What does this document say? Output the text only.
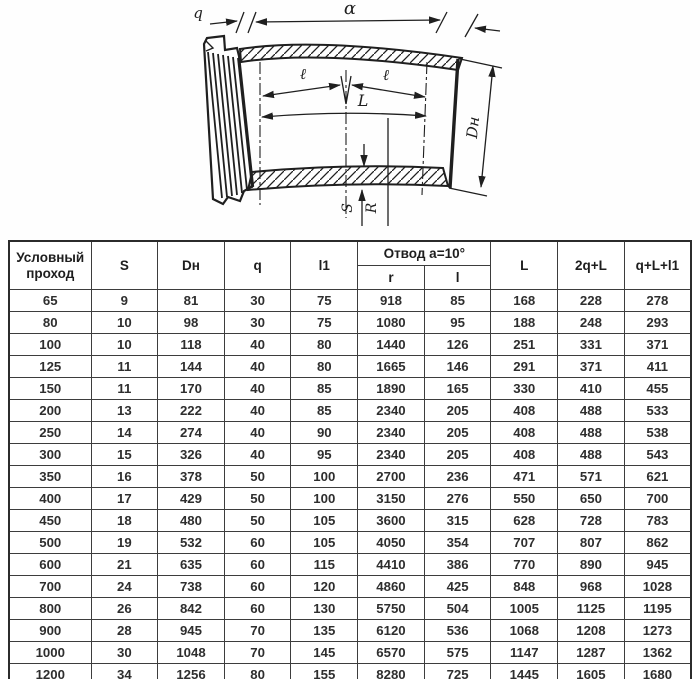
q	α
ℓ	ℓ
L
Dн
S R
Условный проход	S	Dн	q	l1	Отвод a=10°		L	2q+L	q+L+l1
					r	l			
65	9	81	30	75	918	85	168	228	278
80	10	98	30	75	1080	95	188	248	293
100	10	118	40	80	1440	126	251	331	371
125	11	144	40	80	1665	146	291	371	411
150	11	170	40	85	1890	165	330	410	455
200	13	222	40	85	2340	205	408	488	533
250	14	274	40	90	2340	205	408	488	538
300	15	326	40	95	2340	205	408	488	543
350	16	378	50	100	2700	236	471	571	621
400	17	429	50	100	3150	276	550	650	700
450	18	480	50	105	3600	315	628	728	783
500	19	532	60	105	4050	354	707	807	862
600	21	635	60	115	4410	386	770	890	945
700	24	738	60	120	4860	425	848	968	1028
800	26	842	60	130	5750	504	1005	1125	1195
900	28	945	70	135	6120	536	1068	1208	1273
1000	30	1048	70	145	6570	575	1147	1287	1362
1200	34	1256	80	155	8280	725	1445	1605	1680
